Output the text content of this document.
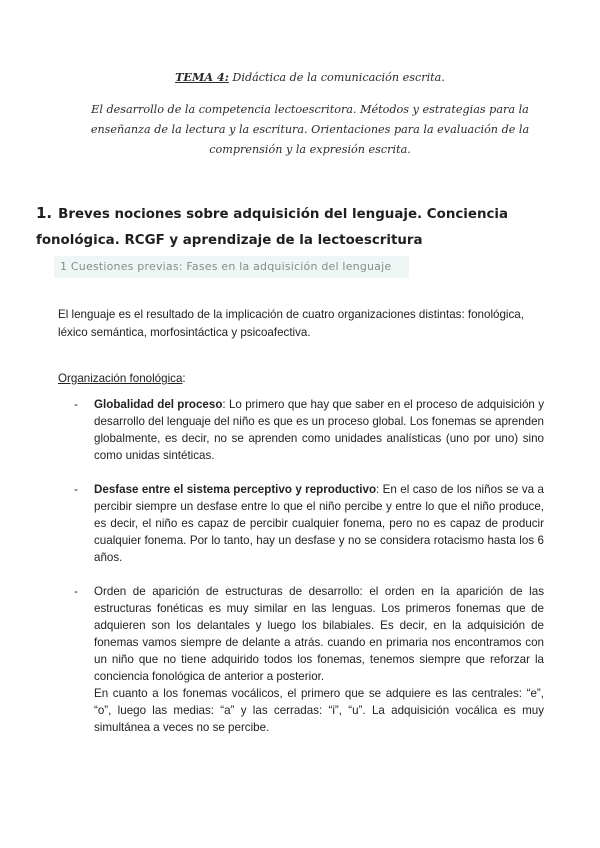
TEMA 4: Didáctica de la comunicación escrita.

El desarrollo de la competencia lectoescritora. Métodos y estrategias para la enseñanza de la lectura y la escritura. Orientaciones para la evaluación de la comprensión y la expresión escrita.

1. Breves nociones sobre adquisición del lenguaje. Conciencia fonológica. RCGF y aprendizaje de la lectoescritura
1 Cuestiones previas: Fases en la adquisición del lenguaje

El lenguaje es el resultado de la implicación de cuatro organizaciones distintas: fonológica, léxico semántica, morfosintáctica y psicoafectiva.

Organización fonológica:

- Globalidad del proceso: Lo primero que hay que saber en el proceso de adquisición y desarrollo del lenguaje del niño es que es un proceso global. Los fonemas se aprenden globalmente, es decir, no se aprenden como unidades analísticas (uno por uno) sino como unidas sintéticas.

- Desfase entre el sistema perceptivo y reproductivo: En el caso de los niños se va a percibir siempre un desfase entre lo que el niño percibe y entre lo que el niño produce, es decir, el niño es capaz de percibir cualquier fonema, pero no es capaz de producir cualquier fonema. Por lo tanto, hay un desfase y no se considera rotacismo hasta los 6 años.

- Orden de aparición de estructuras de desarrollo: el orden en la aparición de las estructuras fonéticas es muy similar en las lenguas. Los primeros fonemas que de adquieren son los delantales y luego los bilabiales. Es decir, en la adquisición de fonemas vamos siempre de delante a atrás. cuando en primaria nos encontramos con un niño que no tiene adquirido todos los fonemas, tenemos siempre que reforzar la conciencia fonológica de anterior a posterior.

En cuanto a los fonemas vocálicos, el primero que se adquiere es las centrales: “e”, “o”, luego las medias: “a” y las cerradas: “i”, “u”. La adquisición vocálica es muy simultánea a veces no se percibe.
